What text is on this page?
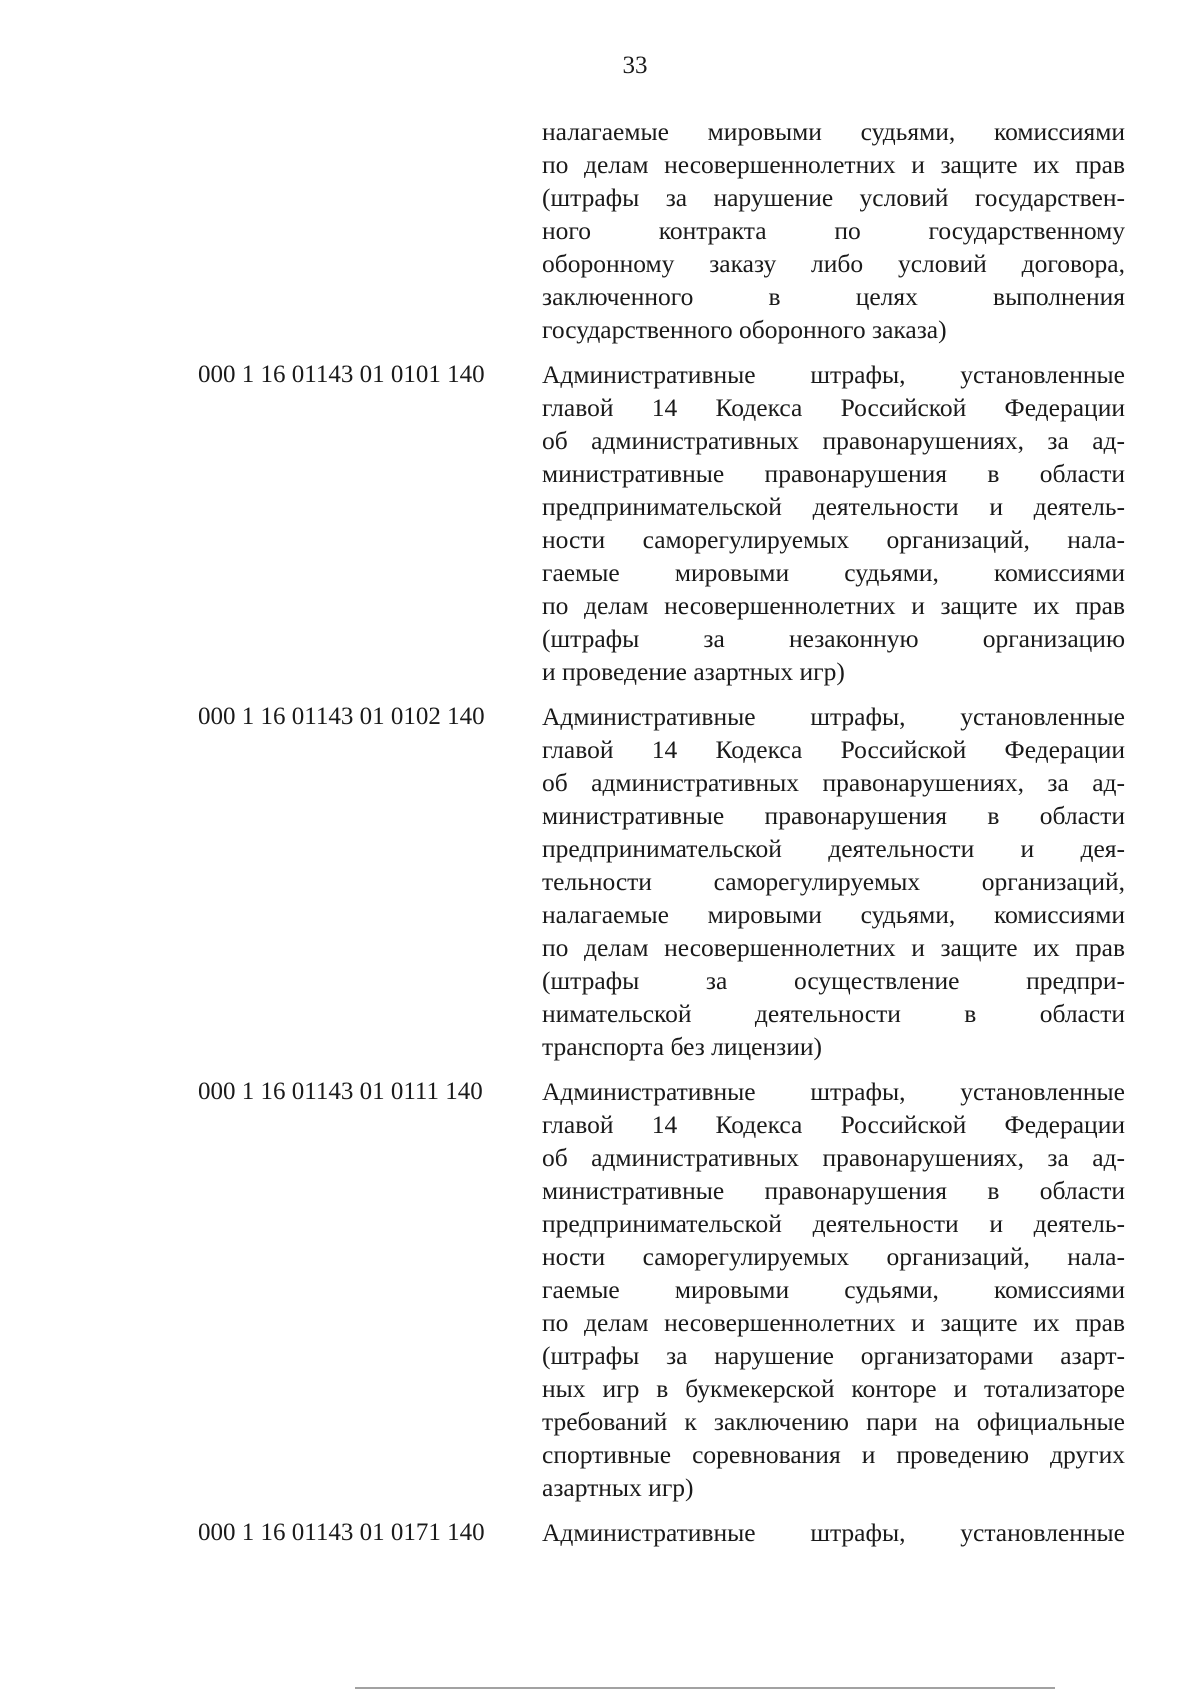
33
налагаемые мировыми судьями, комиссиями
по делам несовершеннолетних и защите их прав
(штрафы за нарушение условий государствен-
ного контракта по государственному
оборонному заказу либо условий договора,
заключенного в целях выполнения
государственного оборонного заказа)
000 1 16 01143 01 0101 140	Административные штрафы, установленные
главой 14 Кодекса Российской Федерации
об административных правонарушениях, за ад-
министративные правонарушения в области
предпринимательской деятельности и деятель-
ности саморегулируемых организаций, нала-
гаемые мировыми судьями, комиссиями
по делам несовершеннолетних и защите их прав
(штрафы за незаконную организацию
и проведение азартных игр)
000 1 16 01143 01 0102 140	Административные штрафы, установленные
главой 14 Кодекса Российской Федерации
об административных правонарушениях, за ад-
министративные правонарушения в области
предпринимательской деятельности и дея-
тельности саморегулируемых организаций,
налагаемые мировыми судьями, комиссиями
по делам несовершеннолетних и защите их прав
(штрафы за осуществление предпри-
нимательской деятельности в области
транспорта без лицензии)
000 1 16 01143 01 0111 140	Административные штрафы, установленные
главой 14 Кодекса Российской Федерации
об административных правонарушениях, за ад-
министративные правонарушения в области
предпринимательской деятельности и деятель-
ности саморегулируемых организаций, нала-
гаемые мировыми судьями, комиссиями
по делам несовершеннолетних и защите их прав
(штрафы за нарушение организаторами азарт-
ных игр в букмекерской конторе и тотализаторе
требований к заключению пари на официальные
спортивные соревнования и проведению других
азартных игр)
000 1 16 01143 01 0171 140	Административные штрафы, установленные
